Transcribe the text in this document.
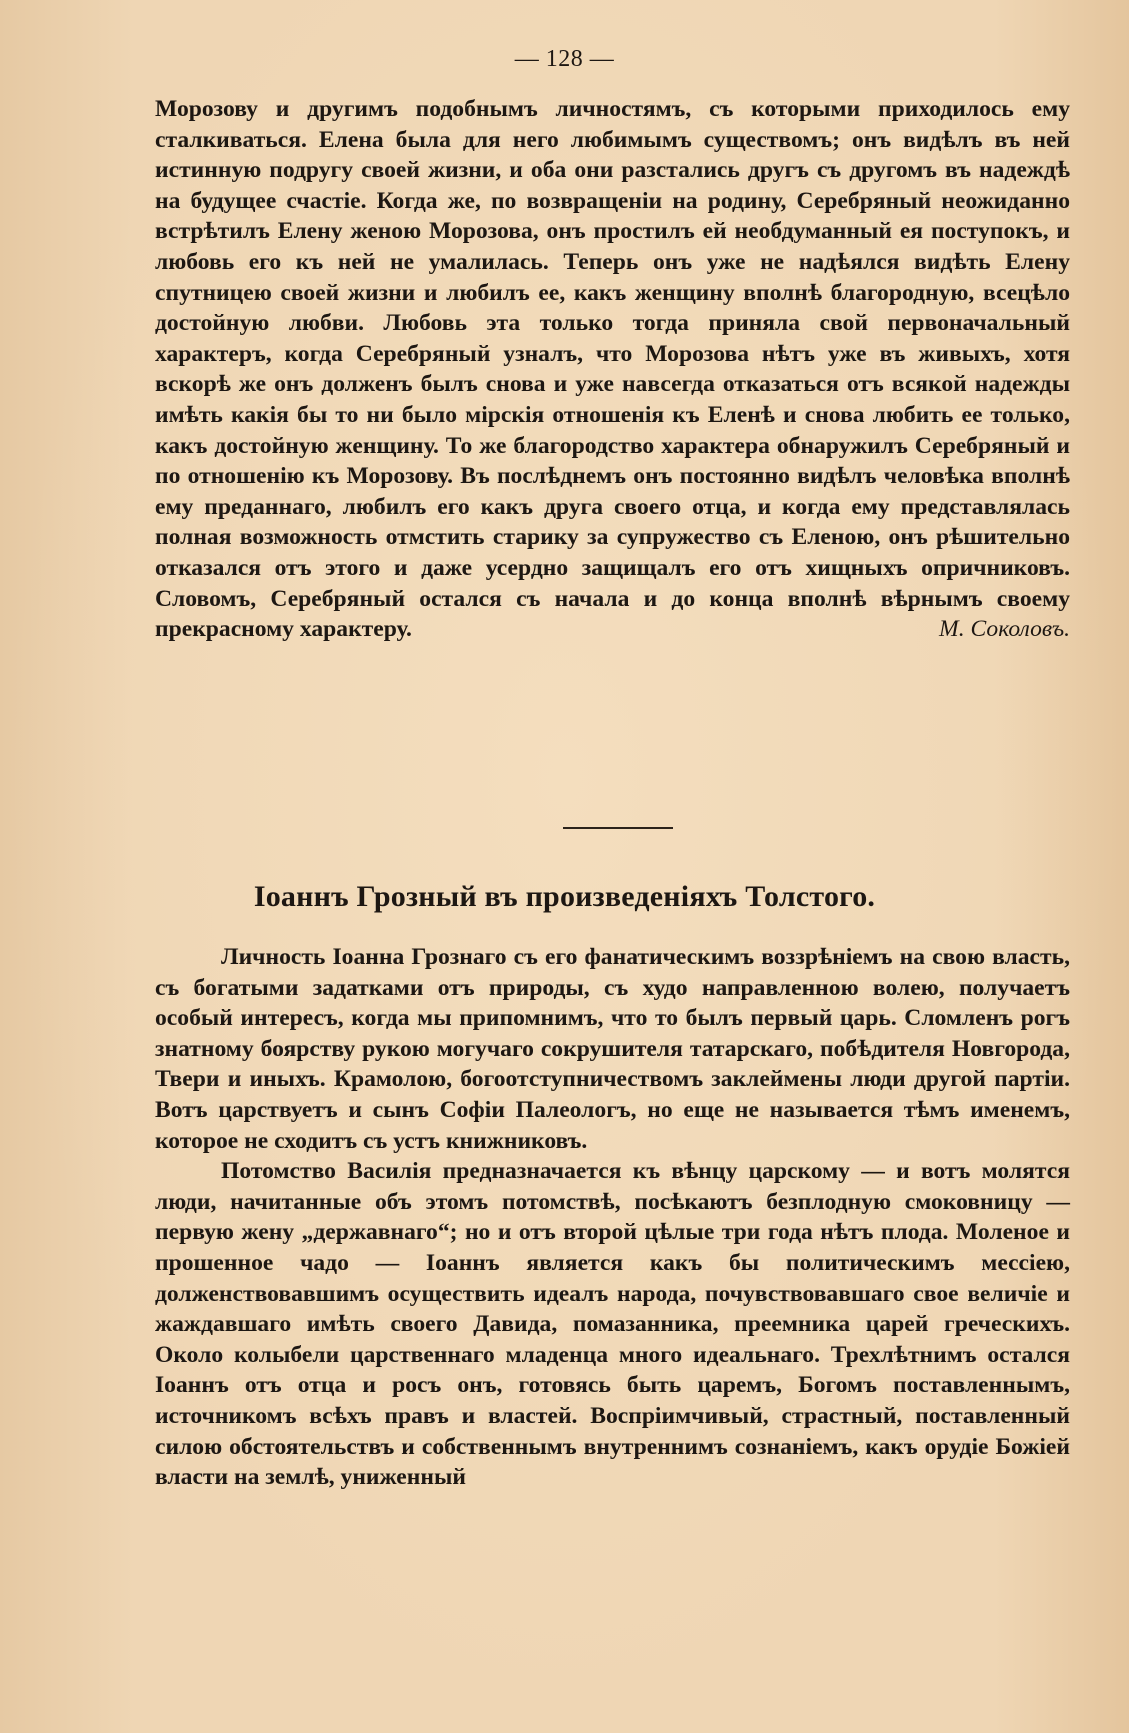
— 128 —

Морозову и другимъ подобнымъ личностямъ, съ которыми приходилось ему сталкиваться. Елена была для него любимымъ существомъ; онъ видѣлъ въ ней истинную подругу своей жизни, и оба они разстались другъ съ другомъ въ надеждѣ на будущее счастіе. Когда же, по возвращеніи на родину, Серебряный неожиданно встрѣтилъ Елену женою Морозова, онъ простилъ ей необдуманный ея поступокъ, и любовь его къ ней не умалилась. Теперь онъ уже не надѣялся видѣть Елену спутницею своей жизни и любилъ ее, какъ женщину вполнѣ благородную, всецѣло достойную любви. Любовь эта только тогда приняла свой первоначальный характеръ, когда Серебряный узналъ, что Морозова нѣтъ уже въ живыхъ, хотя вскорѣ же онъ долженъ былъ снова и уже навсегда отказаться отъ всякой надежды имѣть какія бы то ни было мірскія отношенія къ Еленѣ и снова любить ее только, какъ достойную женщину. То же благородство характера обнаружилъ Серебряный и по отношенію къ Морозову. Въ послѣднемъ онъ постоянно видѣлъ человѣка вполнѣ ему преданнаго, любилъ его какъ друга своего отца, и когда ему представлялась полная возможность отмстить старику за супружество съ Еленою, онъ рѣшительно отказался отъ этого и даже усердно защищалъ его отъ хищныхъ опричниковъ. Словомъ, Серебряный остался съ начала и до конца вполнѣ вѣрнымъ своему прекрасному характеру.	М. Соколовъ.

Іоаннъ Грозный въ произведеніяхъ Толстого.

Личность Іоанна Грознаго съ его фанатическимъ воззрѣніемъ на свою власть, съ богатыми задатками отъ природы, съ худо направленною волею, получаетъ особый интересъ, когда мы припомнимъ, что то былъ первый царь. Сломленъ рогъ знатному боярству рукою могучаго сокрушителя татарскаго, побѣдителя Новгорода, Твери и иныхъ. Крамолою, богоотступничествомъ заклеймены люди другой партіи. Вотъ царствуетъ и сынъ Софіи Палеологъ, но еще не называется тѣмъ именемъ, которое не сходитъ съ устъ книжниковъ.

Потомство Василія предназначается къ вѣнцу царскому — и вотъ молятся люди, начитанные объ этомъ потомствѣ, посѣкаютъ безплодную смоковницу — первую жену „державнаго“; но и отъ второй цѣлые три года нѣтъ плода. Моленое и прошенное чадо — Іоаннъ является какъ бы политическимъ мессіею, долженствовавшимъ осуществить идеалъ народа, почувствовавшаго свое величіе и жаждавшаго имѣть своего Давида, помазанника, преемника царей греческихъ. Около колыбели царственнаго младенца много идеальнаго. Трехлѣтнимъ остался Іоаннъ отъ отца и росъ онъ, готовясь быть царемъ, Богомъ поставленнымъ, источникомъ всѣхъ правъ и властей. Воспріимчивый, страстный, поставленный силою обстоятельствъ и собственнымъ внутреннимъ сознаніемъ, какъ орудіе Божіей власти на землѣ, униженный
